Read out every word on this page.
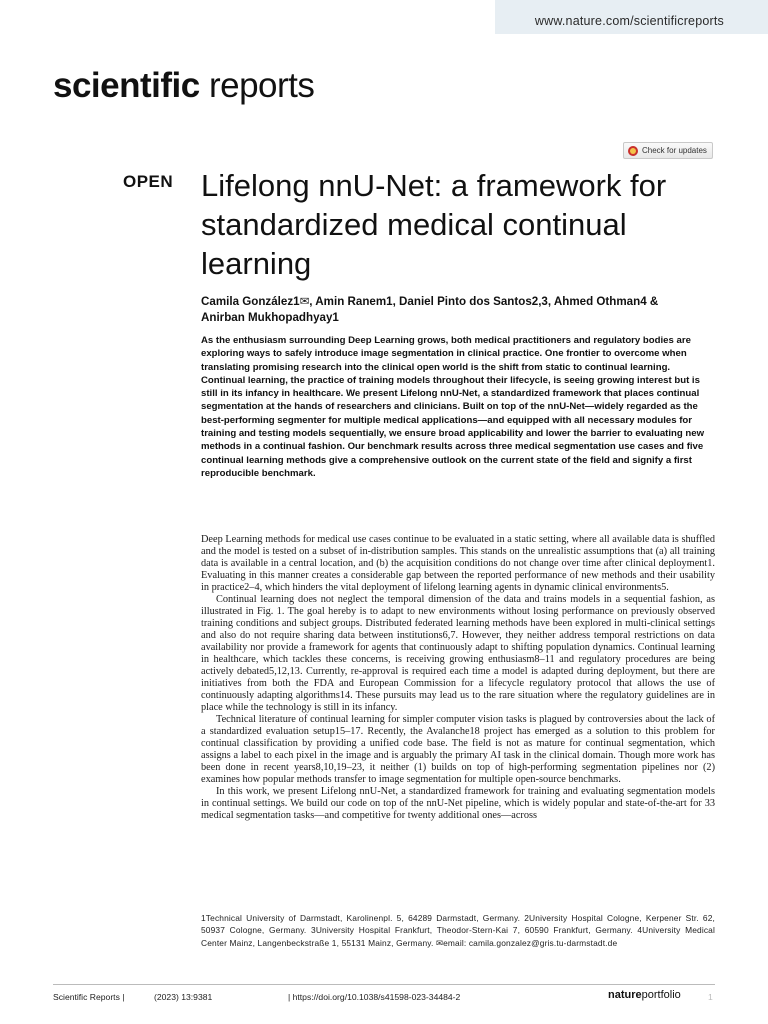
www.nature.com/scientificreports
scientific reports
Check for updates
OPEN Lifelong nnU-Net: a framework for standardized medical continual learning
Camila González1✉, Amin Ranem1, Daniel Pinto dos Santos2,3, Ahmed Othman4 & Anirban Mukhopadhyay1

As the enthusiasm surrounding Deep Learning grows, both medical practitioners and regulatory bodies are exploring ways to safely introduce image segmentation in clinical practice. One frontier to overcome when translating promising research into the clinical open world is the shift from static to continual learning. Continual learning, the practice of training models throughout their lifecycle, is seeing growing interest but is still in its infancy in healthcare. We present Lifelong nnU-Net, a standardized framework that places continual segmentation at the hands of researchers and clinicians. Built on top of the nnU-Net—widely regarded as the best-performing segmenter for multiple medical applications—and equipped with all necessary modules for training and testing models sequentially, we ensure broad applicability and lower the barrier to evaluating new methods in a continual fashion. Our benchmark results across three medical segmentation use cases and five continual learning methods give a comprehensive outlook on the current state of the field and signify a first reproducible benchmark.

Deep Learning methods for medical use cases continue to be evaluated in a static setting, where all available data is shuffled and the model is tested on a subset of in-distribution samples. This stands on the unrealistic assumptions that (a) all training data is available in a central location, and (b) the acquisition conditions do not change over time after clinical deployment1. Evaluating in this manner creates a considerable gap between the reported performance of new methods and their usability in practice2–4, which hinders the vital deployment of lifelong learning agents in dynamic clinical environments5.

Continual learning does not neglect the temporal dimension of the data and trains models in a sequential fashion, as illustrated in Fig. 1. The goal hereby is to adapt to new environments without losing performance on previously observed training conditions and subject groups. Distributed federated learning methods have been explored in multi-clinical settings and also do not require sharing data between institutions6,7. However, they neither address temporal restrictions on data availability nor provide a framework for agents that continuously adapt to shifting population dynamics. Continual learning in healthcare, which tackles these concerns, is receiving growing enthusiasm8–11 and regulatory procedures are being actively debated5,12,13. Currently, re-approval is required each time a model is adapted during deployment, but there are initiatives from both the FDA and European Commission for a lifecycle regulatory protocol that allows the use of continuously adapting algorithms14. These pursuits may lead us to the rare situation where the regulatory guidelines are in place while the technology is still in its infancy.

Technical literature of continual learning for simpler computer vision tasks is plagued by controversies about the lack of a standardized evaluation setup15–17. Recently, the Avalanche18 project has emerged as a solution to this problem for continual classification by providing a unified code base. The field is not as mature for continual segmentation, which assigns a label to each pixel in the image and is arguably the primary AI task in the clinical domain. Though more work has been done in recent years8,10,19–23, it neither (1) builds on top of high-performing segmentation pipelines nor (2) examines how popular methods transfer to image segmentation for multiple open-source benchmarks.

In this work, we present Lifelong nnU-Net, a standardized framework for training and evaluating segmentation models in continual settings. We build our code on top of the nnU-Net pipeline, which is widely popular and state-of-the-art for 33 medical segmentation tasks—and competitive for twenty additional ones—across

1Technical University of Darmstadt, Karolinenpl. 5, 64289 Darmstadt, Germany. 2University Hospital Cologne, Kerpener Str. 62, 50937 Cologne, Germany. 3University Hospital Frankfurt, Theodor-Stern-Kai 7, 60590 Frankfurt, Germany. 4University Medical Center Mainz, Langenbeckstraße 1, 55131 Mainz, Germany. ✉email: camila.gonzalez@gris.tu-darmstadt.de
Scientific Reports |	(2023) 13:9381	| https://doi.org/10.1038/s41598-023-34484-2	natureportfolio	1
